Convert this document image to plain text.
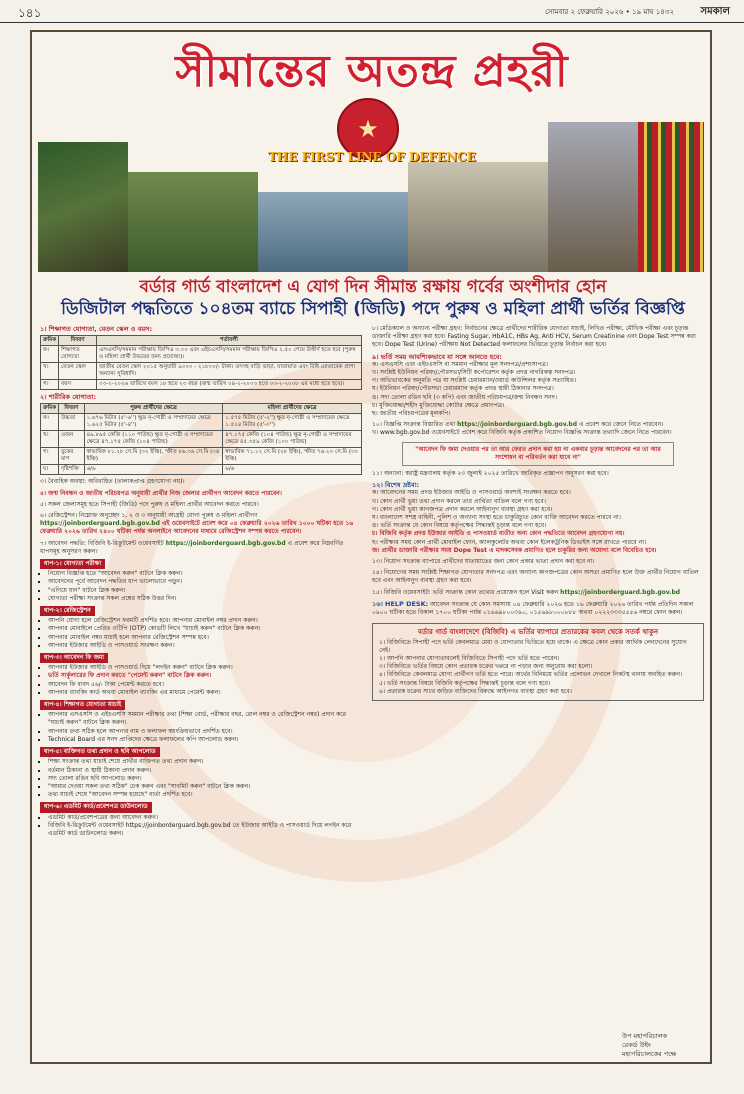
১৪১	সোমবার ২ ফেব্রুয়ারি ২০২৬ • ১৯ মাঘ ১৪৩২	সমকাল
সীমান্তের অতন্দ্র প্রহরী
★
THE FIRST LINE OF DEFENCE
বর্ডার গার্ড বাংলাদেশ এ যোগ দিন সীমান্ত রক্ষায় গর্বের অংশীদার হোন
ডিজিটাল পদ্ধতিতে ১০৪তম ব্যাচে সিপাহী (জিডি) পদে পুরুষ ও মহিলা প্রার্থী ভর্তির বিজ্ঞপ্তি
১। শিক্ষাগত যোগ্যতা, বেতন স্কেল ও বয়স:
ক্রমিক	বিবরণ	শর্তাবলী
ক।	শিক্ষাগত যোগ্যতা	এসএসসি/সমমান পরীক্ষায় জিপিএ ৩.০০ এবং এইচএসসি/সমমান পরীক্ষায় জিপিএ ২.৫০ পেয়ে উত্তীর্ণ হতে হবে (পুরুষ ও মহিলা প্রার্থী উভয়ের জন্য প্রযোজ্য)।
খ।	বেতন স্কেল	জাতীয় বেতন স্কেল ২০১৫ অনুযায়ী ৯০০০ - ২১৮০০/- টাকা। তৎসহ বাড়ি ভাড়া, যাতায়াত এবং বিধি মোতাবেক প্রাপ্য অন্যান্য সুবিধাদি।
গ।	বয়স	০৩-২-২০২৬ তারিখে বয়স ১৮ হতে ২৩ বছর (জন্ম তারিখ ০৪-২-২০০৩ হতে ০৩-২-২০০৮ এর মধ্যে হতে হবে)।
২। শারীরিক যোগ্যতা:
ক্রমিক	বিবরণ	পুরুষ প্রার্থীদের ক্ষেত্রে	মহিলা প্রার্থীদের ক্ষেত্রে
ক।	উচ্চতা	১.৬৭৬ মিটার (৫'-৬'') ক্ষুদ্র নৃ-গোষ্ঠী ও সম্প্রদায়ের ক্ষেত্রে ১.৬২৫ মিটার (৫'-৪'')	১.৫৭৫ মিটার (৫'-২'') ক্ষুদ্র নৃ-গোষ্ঠী ও সম্প্রদায়ের ক্ষেত্রে ১.৫২৪ মিটার (৫'-০'')
খ।	ওজন	৪৯.৮৯৫ কেজি (১১০ পাউন্ড) ক্ষুদ্র নৃ-গোষ্ঠী ও সম্প্রদায়ের ক্ষেত্রে ৪৭.১৭৫ কেজি (১০৪ পাউন্ড)	৪৭.১৭৫ কেজি (১০৪ পাউন্ড) ক্ষুদ্র নৃ-গোষ্ঠী ও সম্প্রদায়ের ক্ষেত্রে ৪৫.৩৫৯ কেজি (১০০ পাউন্ড)
গ।	বুকের মাপ	স্বাভাবিক ৮১.২৮ সে.মি (৩২ ইঞ্চি), স্ফীত ৮৬.৩৬ সে.মি (৩৪ ইঞ্চি)	স্বাভাবিক ৭১.১২ সে.মি (২৮ ইঞ্চি), স্ফীত ৭৬.২০ সে.মি (৩০ ইঞ্চি)
ঘ।	দৃষ্টিশক্তি	৬/৬	৬/৬
৩। বৈবাহিক অবস্থা: অবিবাহিত (তালাকপ্রাপ্ত গ্রহণযোগ্য নয়)।
৪। জন্ম নিবন্ধন ও জাতীয় পরিচয়পত্র অনুযায়ী প্রার্থীর নিজ জেলার প্রার্থীগণ আবেদন করতে পারবেন।
৫। সকল জেলাসমূহ হতে সিপাহী (জিডি) পদে পুরুষ ও মহিলা প্রার্থীর আবেদন করতে পারবে।
৬। রেজিস্ট্রেশন। নিম্নোক্ত অনুচ্ছেদ ১, ২ ও ৩ অনুযায়ী আগ্রহী যোগ্য পুরুষ ও মহিলা প্রার্থীগণ https://joinborderguard.bgb.gov.bd এই ওয়েবসাইটে প্রবেশ করে ০৪ ফেব্রুয়ারি ২০২৬ তারিখ ১০০০ ঘটিকা হতে ১৬ ফেব্রুয়ারি ২০২৬ তারিখ ২৪০০ ঘটিকা পর্যন্ত অনলাইনে আবেদনের মাধ্যমে রেজিস্ট্রেশন সম্পন্ন করতে পারবেন।
৭। আবেদন পদ্ধতি: বিজিবি ই-রিক্রুটমেন্ট ওয়েবসাইট https://joinborderguard.bgb.gov.bd এ প্রবেশ করে নিম্নবর্ণিত ধাপসমূহ অনুসরণ করুন।
ধাপ-১। যোগ্যতা পরীক্ষা
▪ নিয়োগ বিজ্ঞপ্তি হতে "আবেদন করুন" বাটনে ক্লিক করুন।
▪ আবেদনের পূর্বে আবেদন পদ্ধতির ধাপ ভালোভাবে পড়ুন।
▪ "এগিয়ে যান" বাটনে ক্লিক করুন।
▪ যোগ্যতা পরীক্ষা সংক্রান্ত সকল প্রশ্নের সঠিক উত্তর দিন।
ধাপ-২। রেজিস্ট্রেশন
▪ আপনি যোগ্য হলে রেজিস্ট্রেশন ফরমটি প্রদর্শিত হবে। আপনার মোবাইল নম্বর প্রদান করুন।
▪ আপনার মোবাইলে প্রেরিত ওটিপি (OTP) কোডটি লিখে "যাচাই করুন" বাটনে ক্লিক করুন।
▪ আপনার মোবাইল নম্বর যাচাই হলে আপনার রেজিস্ট্রেশন সম্পন্ন হবে।
▪ আপনার ইউজার আইডি ও পাসওয়ার্ড সংরক্ষণ করুন।
ধাপ-৩। আবেদন ফি জমা
▪ আপনার ইউজার আইডি ও পাসওয়ার্ড দিয়ে "লগইন করুন" বাটনে ক্লিক করুন।
▪ ভর্তি সার্কুলারের ফি প্রদান করতে "পেমেন্ট করুন" বাটনে ক্লিক করুন।
▪ আবেদন ফি বাবদ ৫৬/- টাকা পেমেন্ট করতে হবে।
▪ আপনার ব্যাংকিং কার্ড অথবা মোবাইল ব্যাংকিং এর মাধ্যমে পেমেন্ট করুন।
ধাপ-৪। শিক্ষাগত যোগ্যতা যাচাই
▪ আপনার এসএসসি ও এইচএসসি সমমান পরীক্ষার তথ্য (শিক্ষা বোর্ড, পরীক্ষার বছর, রোল নম্বর ও রেজিস্ট্রেশন নম্বর) প্রদান করে "যাচাই করুন" বাটনে ক্লিক করুন।
▪ আপনার তথ্য সঠিক হলে আপনার নাম ও ফলাফল স্বয়ংক্রিয়ভাবে প্রদর্শিত হবে।
▪ Technical Board এর সনদ প্রাপ্তিদের ক্ষেত্রে ফলাফলের কপি আপলোড করুন।
ধাপ-৫। ব্যক্তিগত তথ্য প্রদান ও ছবি আপলোড
▪ শিক্ষা সংক্রান্ত তথ্য যাচাই শেষে প্রার্থীর ব্যক্তিগত তথ্য প্রদান করুন।
▪ বর্তমান ঠিকানা ও স্থায়ী ঠিকানা প্রদান করুন।
▪ সদ্য তোলা রঙিন ছবি আপলোড করুন।
▪ "আমার দেওয়া সকল তথ্য সঠিক" চেক করুন এবং "সাবমিট করুন" বাটনে ক্লিক করুন।
▪ তথ্য যাচাই শেষে "আবেদন সম্পন্ন হয়েছে" বার্তা প্রদর্শিত হবে।
ধাপ-৬। এডমিট কার্ড/প্রবেশপত্র ডাউনলোড
▪ এডমিট কার্ড/প্রবেশপত্রের জন্য আবেদন করুন।
▪ বিজিবি ই-রিক্রুটমেন্ট ওয়েবসাইট https://joinborderguard.bgb.gov.bd তে ইউজার আইডি ও পাসওয়ার্ড দিয়ে লগইন করে এডমিট কার্ড ডাউনলোড করুন।
৮। মেডিক্যাল ও অন্যান্য পরীক্ষা গ্রহণ: নির্বাচনের ক্ষেত্রে প্রার্থীদের শারীরিক যোগ্যতা যাচাই, লিখিত পরীক্ষা, মৌখিক পরীক্ষা এবং চূড়ান্ত ডাক্তারি পরীক্ষা গ্রহণ করা হবে। Fasting Sugar, HbA1C, HBs Ag, Anti HCV, Serum Creatinine এবং Dope Test সম্পন্ন করা হবে। Dope Test (Urine) পরীক্ষায় Not Detected ফলাফলের ভিত্তিতে চূড়ান্ত নির্বাচন করা হবে।
৯। ভর্তি সময় আবশ্যিকভাবে যা সঙ্গে আনতে হবে:
ক। এসএসসি এবং এইচএসসি বা সমমান পরীক্ষার মূল সনদপত্র/প্রশংসাপত্র।
খ। সংশ্লিষ্ট ইউনিয়ন পরিষদ/পৌরসভা/সিটি কর্পোরেশন কর্তৃক প্রদত্ত নাগরিকত্ব সনদপত্র।
গ। অভিভাবকের অনুমতি পত্র যা সংশ্লিষ্ট চেয়ারম্যান/ওয়ার্ড কাউন্সিলর কর্তৃক সত্যায়িত।
ঘ। ইউনিয়ন পরিষদ/পৌরসভা চেয়ারম্যান কর্তৃক প্রদত্ত স্থায়ী ঠিকানার সনদপত্র।
ঙ। সদ্য তোলা রঙিন ছবি (৩ কপি) এবং জাতীয় পরিচয়পত্র/জন্ম নিবন্ধন সনদ।
চ। মুক্তিযোদ্ধা/শহীদ মুক্তিযোদ্ধা কোটার ক্ষেত্রে প্রমাণপত্র।
ছ। জাতীয় পরিচয়পত্রের মূলকপি।
১০। বিজ্ঞপ্তি সংক্রান্ত বিস্তারিত তথ্য https://joinborderguard.bgb.gov.bd এ প্রবেশ করে জেনে নিতে পারবেন।
খ। www.bgb.gov.bd ওয়েবসাইটে প্রবেশ করে বিজিবি কর্তৃক প্রকাশিত নিয়োগ বিজ্ঞপ্তি সংক্রান্ত তথ্যাদি জেনে নিতে পারবেন।
"আবেদন ফি জমা দেওয়ার পর তা আর ফেরত প্রদান করা হয় না একবার চূড়ান্ত আবেদনের পর তা আর সংশোধন বা পরিবর্তন করা যাবে না"
১১। অন্যান্য: স্বরাষ্ট্র মন্ত্রণালয় কর্তৃক ২৩ জুলাই ২০২৫ তারিখে জারিকৃত প্রজ্ঞাপন অনুসরণ করা হবে।
১২। বিশেষ দ্রষ্টব্য:
ক। আবেদনের সময় প্রদত্ত ইউজার আইডি ও পাসওয়ার্ড অবশ্যই সংরক্ষণ করতে হবে।
খ। কোন প্রার্থী ভুয়া তথ্য প্রদান করলে তার প্রার্থিতা বাতিল বলে গণ্য হবে।
গ। কোন প্রার্থী ভুয়া কাগজপত্র প্রদান করলে আইনানুগ ব্যবস্থা গ্রহণ করা হবে।
ঘ। বাংলাদেশ সশস্ত্র বাহিনী, পুলিশ ও অন্যান্য সংস্থা হতে চাকুরিচ্যুত কোন ব্যক্তি আবেদন করতে পারবে না।
ঙ। ভর্তি সংক্রান্ত যে কোন বিষয়ে কর্তৃপক্ষের সিদ্ধান্তই চূড়ান্ত বলে গণ্য হবে।
চ। বিজিবি কর্তৃক প্রদত্ত ইউজার আইডি ও পাসওয়ার্ড ব্যতীত অন্য কোন পদ্ধতিতে আবেদন গ্রহণযোগ্য নয়।
ছ। পরীক্ষার সময় কোন প্রার্থী মোবাইল ফোন, ক্যালকুলেটর অথবা কোন ইলেকট্রনিক ডিভাইস সঙ্গে রাখতে পারবে না।
জ। প্রার্থীর ডাক্তারি পরীক্ষার সময় Dope Test এ মাদকসেবক প্রমাণিত হলে চাকুরির জন্য অযোগ্য বলে বিবেচিত হবে।
১৩। নিয়োগ সংক্রান্ত ব্যাপারে প্রার্থীদের যাতায়াতের জন্য কোন প্রকার ভাতা প্রদান করা হবে না।
১৪। নিয়োগের সময় সংশ্লিষ্ট শিক্ষাগত যোগ্যতার সনদপত্র এবং অন্যান্য কাগজপত্রের কোন অসত্য প্রমাণিত হলে উক্ত প্রার্থীর নিয়োগ বাতিল হবে এবং আইনানুগ ব্যবস্থা গ্রহণ করা হবে।
১৫। বিজিবি ওয়েবসাইট: ভর্তি সংক্রান্ত কোন তথ্যের প্রয়োজন হলে Visit করুন https://joinborderguard.bgb.gov.bd
১৬। HELP DESK: আবেদন সংক্রান্ত যে কোন সমস্যায় ০৪ ফেব্রুয়ারি ২০২৬ হতে ১৬ ফেব্রুয়ারি ২০২৬ তারিখ পর্যন্ত প্রতিদিন সকাল ০৯০০ ঘটিকা হতে বিকাল ১৭০০ ঘটিকা পর্যন্ত ০১৬৬৯৮০০৩৯০, ০১৫৬৯৮০০০৮৮৮ অথবা ০২২২৩৩৩৫৫৫৬ নম্বরে ফোন করুন।
বর্ডার গার্ড বাংলাদেশে (বিজিবি) এ ভর্তির ব্যাপারে প্রতারকের কবল থেকে সতর্ক থাকুন
১। বিজিবিতে সিপাহী পদে ভর্তি কেবলমাত্র মেধা ও যোগ্যতার ভিত্তিতে হয়ে থাকে। এ ক্ষেত্রে কোন প্রকার আর্থিক লেনদেনের সুযোগ নেই।
২। আপনি আপনার যোগ্যতাবলেই বিজিবিতে সিপাহী পদে ভর্তি হতে পারেন।
৩। বিজিবিতে ভর্তির বিষয়ে কোন প্রতারক চক্রের খপ্পরে না পড়ার জন্য অনুরোধ করা হলো।
৪। বিজিবিতে কেবলমাত্র যোগ্য প্রার্থীগণ ভর্তি হতে পারে। অর্থের বিনিময়ে ভর্তির প্রলোভন দেখালে নিকটস্থ থানায় অবহিত করুন।
৫। ভর্তি সংক্রান্ত বিষয়ে বিজিবি কর্তৃপক্ষের সিদ্ধান্তই চূড়ান্ত বলে গণ্য হবে।
৬। প্রতারক চক্রের সাথে জড়িত ব্যক্তিদের বিরুদ্ধে আইনগত ব্যবস্থা গ্রহণ করা হবে।
উপ মহাপরিচালক
রেকর্ড উইং
মহাপরিচালকের পক্ষে
